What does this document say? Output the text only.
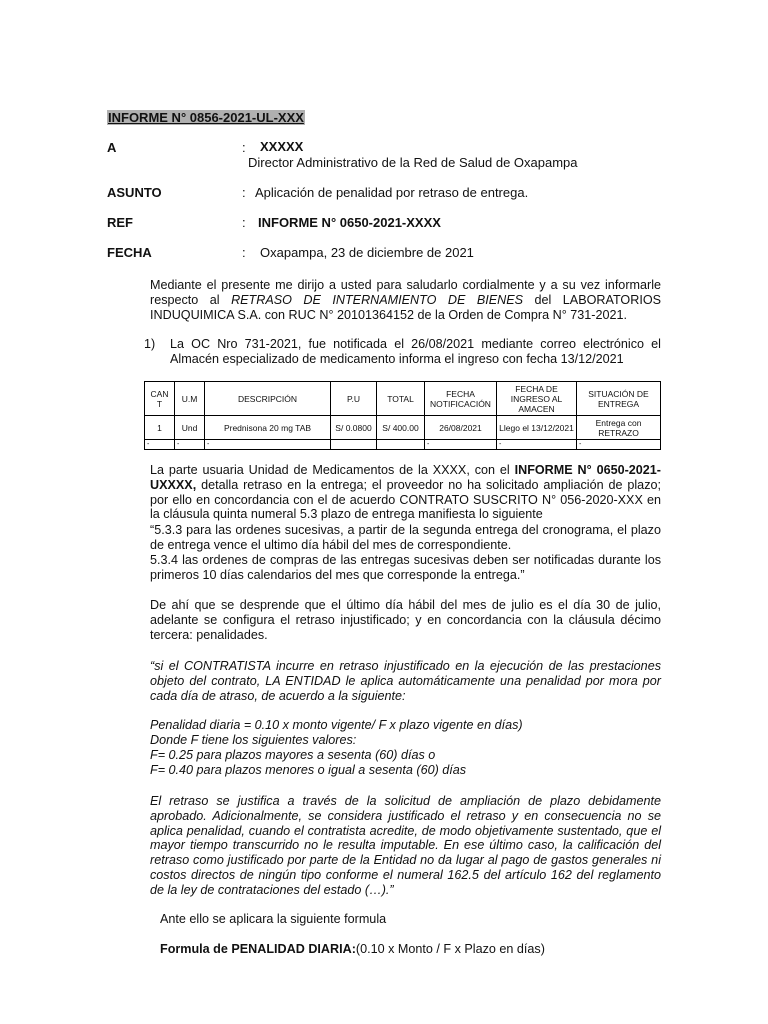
INFORME N° 0856-2021-UL-XXX
A	: XXXXX
Director Administrativo de la Red de Salud de Oxapampa
ASUNTO	: Aplicación de penalidad por retraso de entrega.
REF	: INFORME N° 0650-2021-XXXX
FECHA	: Oxapampa, 23 de diciembre de 2021
Mediante el presente me dirijo a usted para saludarlo cordialmente y a su vez informarle respecto al RETRASO DE INTERNAMIENTO DE BIENES del LABORATORIOS INDUQUIMICA S.A. con RUC N° 20101364152 de la Orden de Compra N° 731-2021.
1) La OC Nro 731-2021, fue notificada el 26/08/2021 mediante correo electrónico el Almacén especializado de medicamento informa el ingreso con fecha 13/12/2021
CAN T	U.M	DESCRIPCIÓN	P.U	TOTAL	FECHA NOTIFICACIÓN	FECHA DE INGRESO AL AMACEN	SITUACIÓN DE ENTREGA
1	Und	Prednisona 20 mg TAB	S/ 0.0800	S/ 400.00	26/08/2021	Llego el 13/12/2021	Entrega con RETRAZO
-	-	-			-	-	-
La parte usuaria Unidad de Medicamentos de la XXXX, con el INFORME N° 0650-2021-UXXXX, detalla retraso en la entrega; el proveedor no ha solicitado ampliación de plazo; por ello en concordancia con el de acuerdo CONTRATO SUSCRITO N° 056-2020-XXX en la cláusula quinta numeral 5.3 plazo de entrega manifiesta lo siguiente
“5.3.3 para las ordenes sucesivas, a partir de la segunda entrega del cronograma, el plazo de entrega vence el ultimo día hábil del mes de correspondiente.
5.3.4 las ordenes de compras de las entregas sucesivas deben ser notificadas durante los primeros 10 días calendarios del mes que corresponde la entrega.”
De ahí que se desprende que el último día hábil del mes de julio es el día 30 de julio, adelante se configura el retraso injustificado; y en concordancia con la cláusula décimo tercera: penalidades.
“si el CONTRATISTA incurre en retraso injustificado en la ejecución de las prestaciones objeto del contrato, LA ENTIDAD le aplica automáticamente una penalidad por mora por cada día de atraso, de acuerdo a la siguiente:
Penalidad diaria = 0.10 x monto vigente/ F x plazo vigente en días)
Donde F tiene los siguientes valores:
F= 0.25 para plazos mayores a sesenta (60) días o
F= 0.40 para plazos menores o igual a sesenta (60) días
El retraso se justifica a través de la solicitud de ampliación de plazo debidamente aprobado. Adicionalmente, se considera justificado el retraso y en consecuencia no se aplica penalidad, cuando el contratista acredite, de modo objetivamente sustentado, que el mayor tiempo transcurrido no le resulta imputable. En ese último caso, la calificación del retraso como justificado por parte de la Entidad no da lugar al pago de gastos generales ni costos directos de ningún tipo conforme el numeral 162.5 del artículo 162 del reglamento de la ley de contrataciones del estado (…).”
Ante ello se aplicara la siguiente formula
Formula de PENALIDAD DIARIA:(0.10 x Monto / F x Plazo en días)
